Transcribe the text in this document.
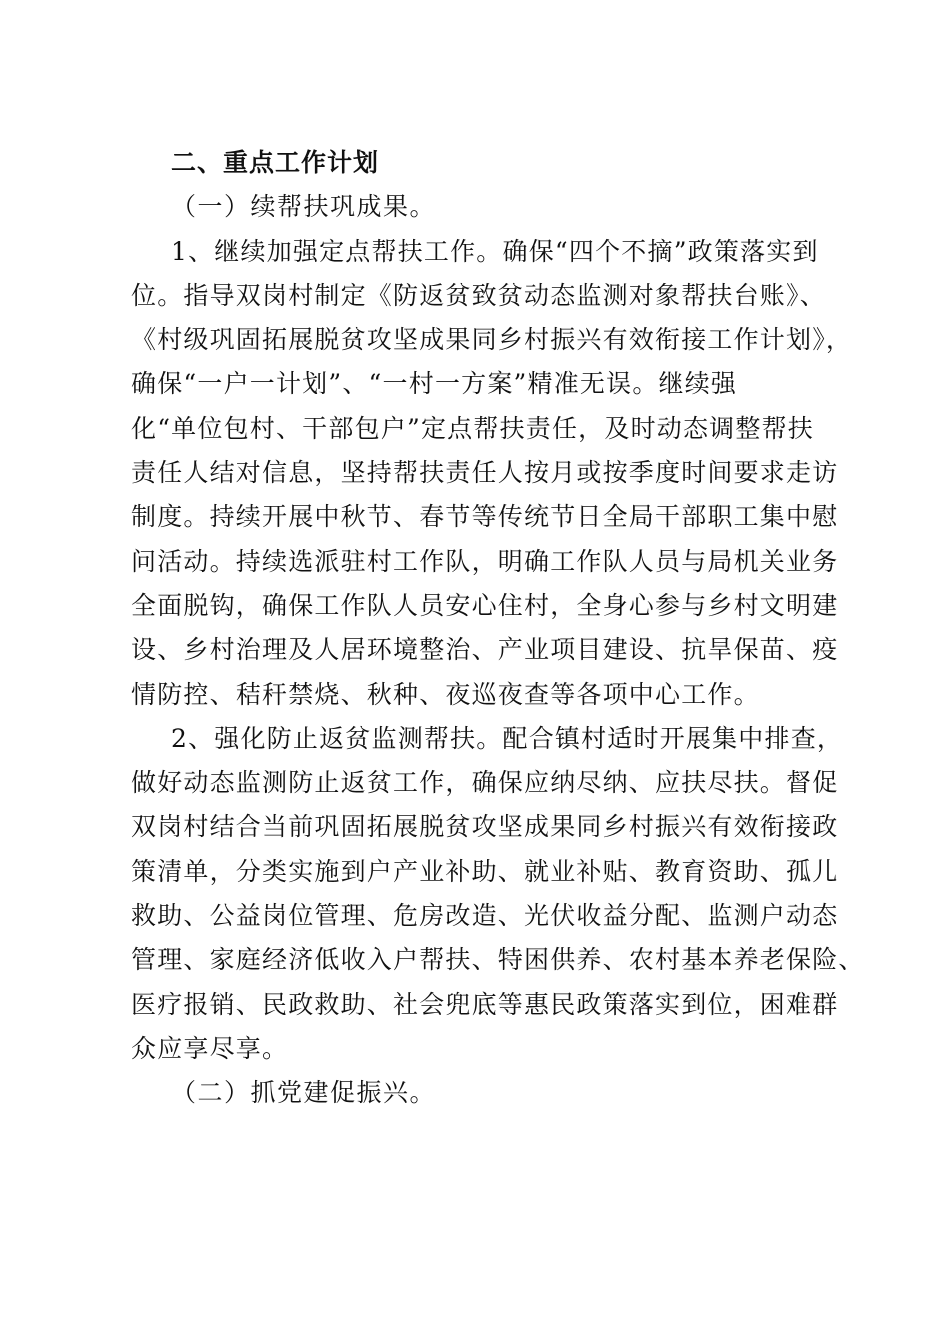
二、重点工作计划
（一）续帮扶巩成果。
1、继续加强定点帮扶工作。确保“四个不摘”政策落实到
位。指导双岗村制定《防返贫致贫动态监测对象帮扶台账》、
《村级巩固拓展脱贫攻坚成果同乡村振兴有效衔接工作计划》，
确保“一户一计划”、“一村一方案”精准无误。继续强
化“单位包村、干部包户”定点帮扶责任，及时动态调整帮扶
责任人结对信息，坚持帮扶责任人按月或按季度时间要求走访
制度。持续开展中秋节、春节等传统节日全局干部职工集中慰
问活动。持续选派驻村工作队，明确工作队人员与局机关业务
全面脱钩，确保工作队人员安心住村，全身心参与乡村文明建
设、乡村治理及人居环境整治、产业项目建设、抗旱保苗、疫
情防控、秸秆禁烧、秋种、夜巡夜查等各项中心工作。
2、强化防止返贫监测帮扶。配合镇村适时开展集中排查，
做好动态监测防止返贫工作，确保应纳尽纳、应扶尽扶。督促
双岗村结合当前巩固拓展脱贫攻坚成果同乡村振兴有效衔接政
策清单，分类实施到户产业补助、就业补贴、教育资助、孤儿
救助、公益岗位管理、危房改造、光伏收益分配、监测户动态
管理、家庭经济低收入户帮扶、特困供养、农村基本养老保险、
医疗报销、民政救助、社会兜底等惠民政策落实到位，困难群
众应享尽享。
（二）抓党建促振兴。
